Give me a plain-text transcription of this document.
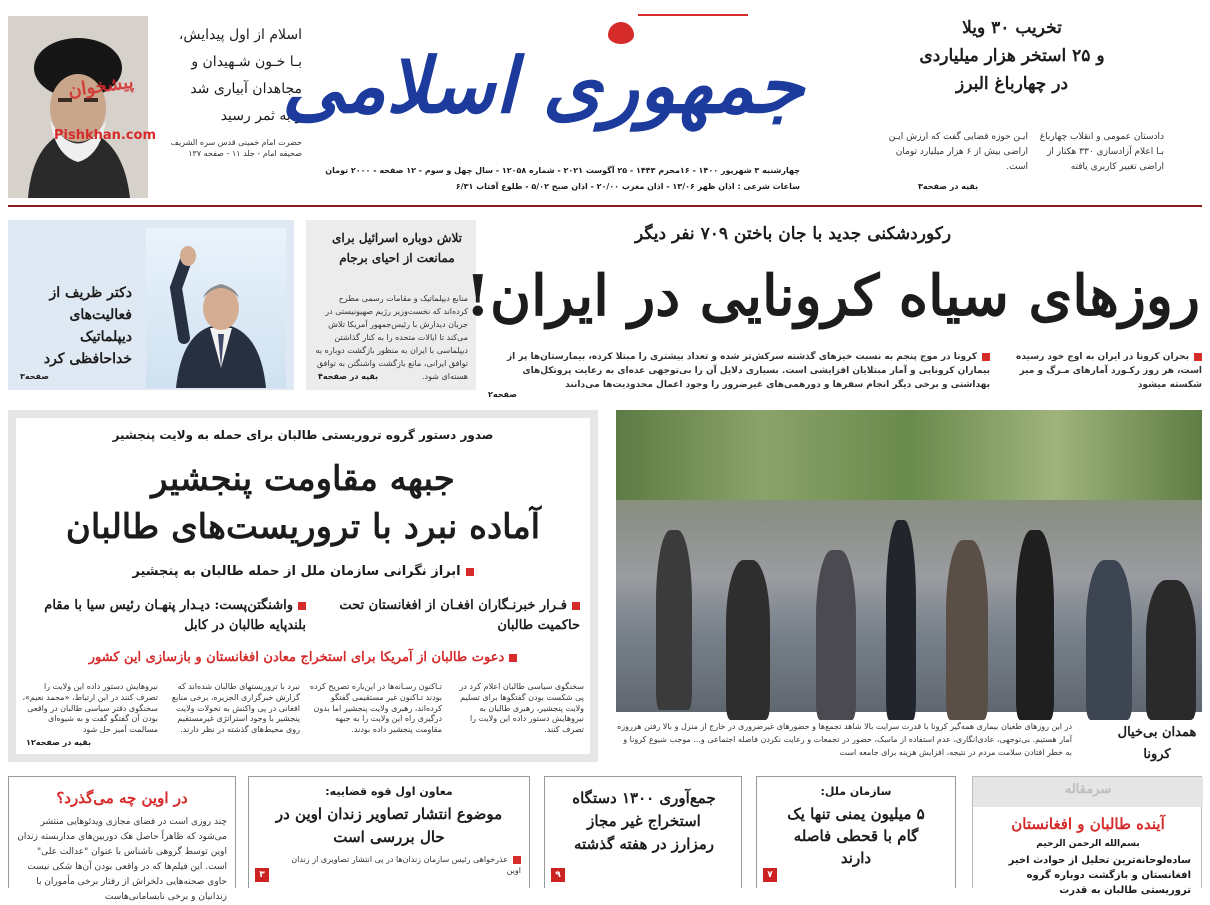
پیشخوان
Pishkhan.com
اسلام از اول پیدایش،
بـا خـون شـهیدان و
مجاهدان آبیاری شد
و به ثمر رسید
حضرت امام خمینی قدس سره الشریف
صحیفه امام - جلد ۱۱ - صفحه ۱۳۷
جمهوری اسلامی
چهارشنبه ۳ شهریور ۱۴۰۰ - ۱۶محرم ۱۴۴۳ - ۲۵ آگوست ۲۰۲۱ - شماره ۱۲۰۵۸ - سال چهل و سوم - ۱۲ صفحه - ۲۰۰۰ تومان
ساعات شرعی : اذان ظهر ۱۳/۰۶ - اذان مغرب ۲۰/۰۰ - اذان صبح ۵/۰۲ - طلوع آفتاب ۶/۳۱
تخریب ۳۰ ویلا
و ۲۵ استخر هزار میلیاردی
در چهارباغ البرز
دادستان عمومی و انقلاب چهارباغ بـا اعلام آزادسازی ۳۳۰ هکتار از اراضی تغییر کاربری یافته
ایـن حوزه قضایی گفت که ارزش ایـن اراضی بیش از ۶ هزار میلیارد تومان است.
بقیه در صفحه۳
دکتر ظریف از فعالیت‌های دیپلماتیک خداحافظی کرد
صفحه۳
تلاش دوباره اسرائیل برای ممانعت از احیای برجام
منابع دیپلماتیک و مقامات رسمی مطرح کرده‌اند که نخست‌وزیر رژیم صهیونیستی در جریان دیدارش با رئیس‌جمهور آمریکا تلاش می‌کند تا ایالات متحده را به کنار گذاشتن دیپلماسی با ایران به منظور بازگشت دوباره به توافق ایرانی، مانع بازگشت واشنگتن به توافق هسته‌ای شود.
بقیه در صفحه۴
رکوردشکنی جدید با جان باختن ۷۰۹ نفر دیگر
روزهای سیاه کرونایی در ایران!
بحران کرونا در ایران به اوج خود رسیده است، هر روز رکـورد آمارهای مـرگ و میر شکسته میشود
کرونا در موج پنجم به نسبت خیزهای گذشته سرکش‌تر شده و تعداد بیشتری را مبتلا کرده، بیمارستان‌ها پر از بیماران کرونایی و آمار مبتلایان افزایشی است. بسیاری دلایل آن را بی‌توجهی عده‌ای به رعایت پروتکل‌های بهداشتی و برخی دیگر انجام سفرها و دورهمی‌های غیرضرور را وجود اعمال محدودیت‌ها می‌دانند
صفحه۲
صدور دستور گروه تروریستی طالبان برای حمله به ولایت پنجشیر
جبهه مقاومت پنجشیر
آماده نبرد با تروریست‌های طالبان
ابراز نگرانی سازمان ملل از حمله طالبان به پنجشیر
فـرار خبرنـگاران افغـان از افغانستان تحت حاکمیت طالبان
واشنگتن‌پست: دیـدار پنهـان رئیس سیا با مقام بلندپایه طالبان در کابل
دعوت طالبان از آمریکا برای استخراج معادن افغانستان و بازسازی این کشور
سخنگوی سیاسی طالبان اعلام کرد در پی شکست بودن گفتگوها برای تسلیم ولایت پنجشیر، رهبری طالبان به نیروهایش دستور داده این ولایت را تصرف کنند.
تـاکنون رسـانه‌ها در این‌باره تصریح کرده بودند تـاکنون غیر مستقیمی گفتگو کرده‌اند، رهبری ولایت پنجشیر اما بدون درگیری راه این ولایت را به جبهه مقاومت پنجشیر داده بودند.
نبرد با تروریستهای طالبان شده‌اند که گزارش خبرگزاری الجزیره، برخی منابع افغانی در پی واکنش به تحولات ولایت پنجشیر با وجود استراتژی غیرمستقیم روی محیط‌های گذشته در نظر دارند.
نیروهایش دستور داده این ولایت را تصرف کنند در این ارتباط، «محمد نعیم»، سخنگوی دفتر سیاسی طالبان در واقعی بودن آن گفتگو گفت و به شیوه‌ای مسالمت آمیز حل شود
بقیه در صفحه۱۲
همدان بی‌خیال کرونا
در این روزهای طغیان بیماری همه‌گیر کرونا با قدرت سرایت بالا شاهد تجمع‌ها و حضورهای غیرضروری در خارج از منزل و بالا رفتن هرروزه آمار هستیم. بی‌توجهی، عادی‌انگاری، عدم استفاده از ماسک، حضور در تجمعات و رعایت نکردن فاصله اجتماعی و... موجب شیوع کرونا و به خطر افتادن سلامت مردم در نتیجه، افزایش هزینه برای جامعه است
سرمقاله
آینده طالبان و افغانستان
بسم‌الله الرحمن الرحیم
ساده‌لوحانه‌ترین تحلیل از حوادث اخیر افغانستان و بازگشت دوباره گروه تروریستی طالبان به قدرت
سازمان ملل:
۵ میلیون یمنی تنها یک گام با قحطی فاصله دارند
۷
جمع‌آوری ۱۳۰۰ دستگاه استخراج غیر مجاز رمزارز در هفته گذشته
۹
معاون اول قوه قضاییه:
موضوع انتشار تصاویر زندان اوین در حال بررسی است
عذرخواهی رئیس سازمان زندان‌ها در پی انتشار تصاویری از زندان اوین
۳
در اوین چه می‌گذرد؟
چند روزی است در فضای مجازی ویدئوهایی منتشر می‌شود که ظاهراً حاصل هک دوربین‌های مداربسته زندان اوین توسط گروهی ناشناس با عنوان "عدالت علی" است. این فیلم‌ها که در واقعی بودن آن‌ها شکی نیست حاوی صحنه‌هایی دلخراش از رفتار برخی مأموران با زندانیان و برخی نابسامانی‌هاست
